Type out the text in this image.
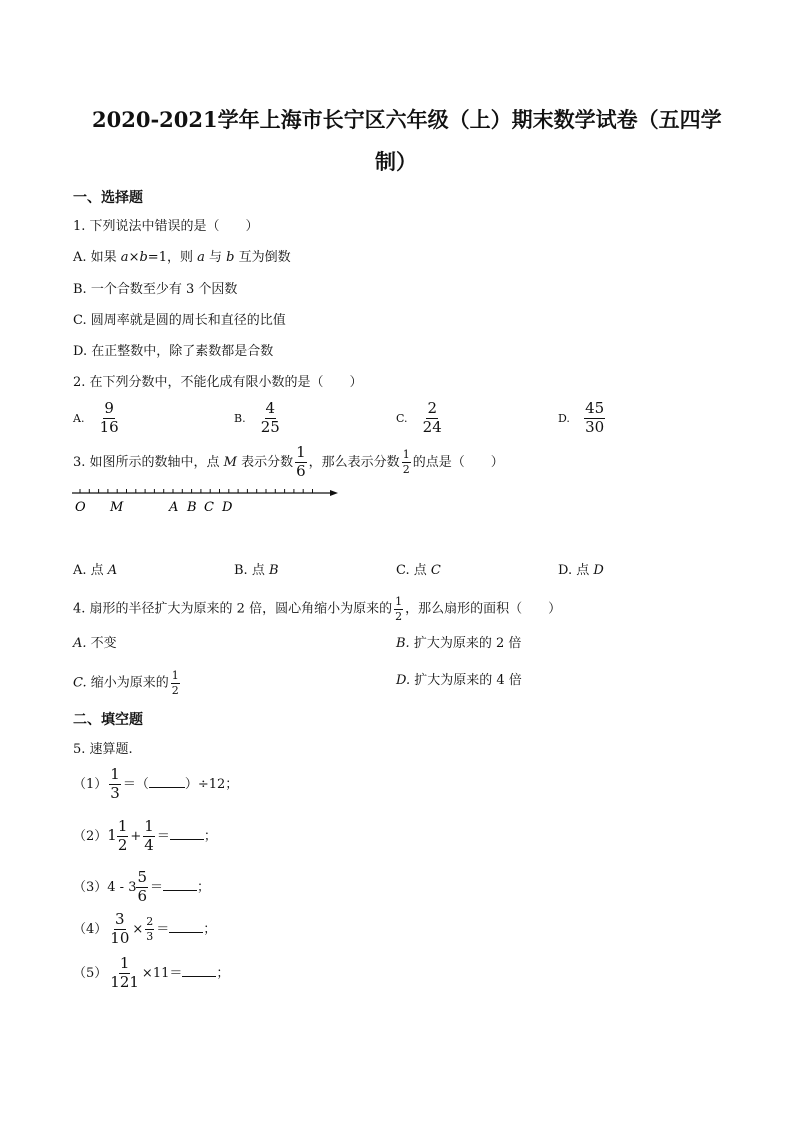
2020-2021学年上海市长宁区六年级（上）期末数学试卷（五四学
制）
一、选择题
1. 下列说法中错误的是（　　）
A. 如果 a×b=1，则 a 与 b 互为倒数
B. 一个合数至少有 3 个因数
C. 圆周率就是圆的周长和直径的比值
D. 在正整数中，除了素数都是合数
2. 在下列分数中，不能化成有限小数的是（　　）
A. $\frac{9}{16}$	B. $\frac{4}{25}$	C. $\frac{2}{24}$	D. $\frac{45}{30}$
3. 如图所示的数轴中，点 M 表示分数 $\frac{1}{6}$ ，那么表示分数 $\frac{1}{2}$ 的点是（　　）
O M	A B C D
A. 点 A	B. 点 B	C. 点 C	D. 点 D
4. 扇形的半径扩大为原来的 2 倍，圆心角缩小为原来的 $\frac{1}{2}$ ，那么扇形的面积（　　）
A. 不变	B. 扩大为原来的 2 倍
C. 缩小为原来的 $\frac{1}{2}$	D. 扩大为原来的 4 倍
二、填空题
5. 速算题.
$(1) \frac{1}{3}$ ＝（	）÷12；
$(2)1 \frac{1}{2} + \frac{1}{4}$ ＝	；
$(3)4 - 3 \frac{5}{6}$ ＝	；
$(4) \frac{3}{10} \times \frac{2}{3}$ ＝	；
$(5) \frac{1}{121} \times 11=$	；
